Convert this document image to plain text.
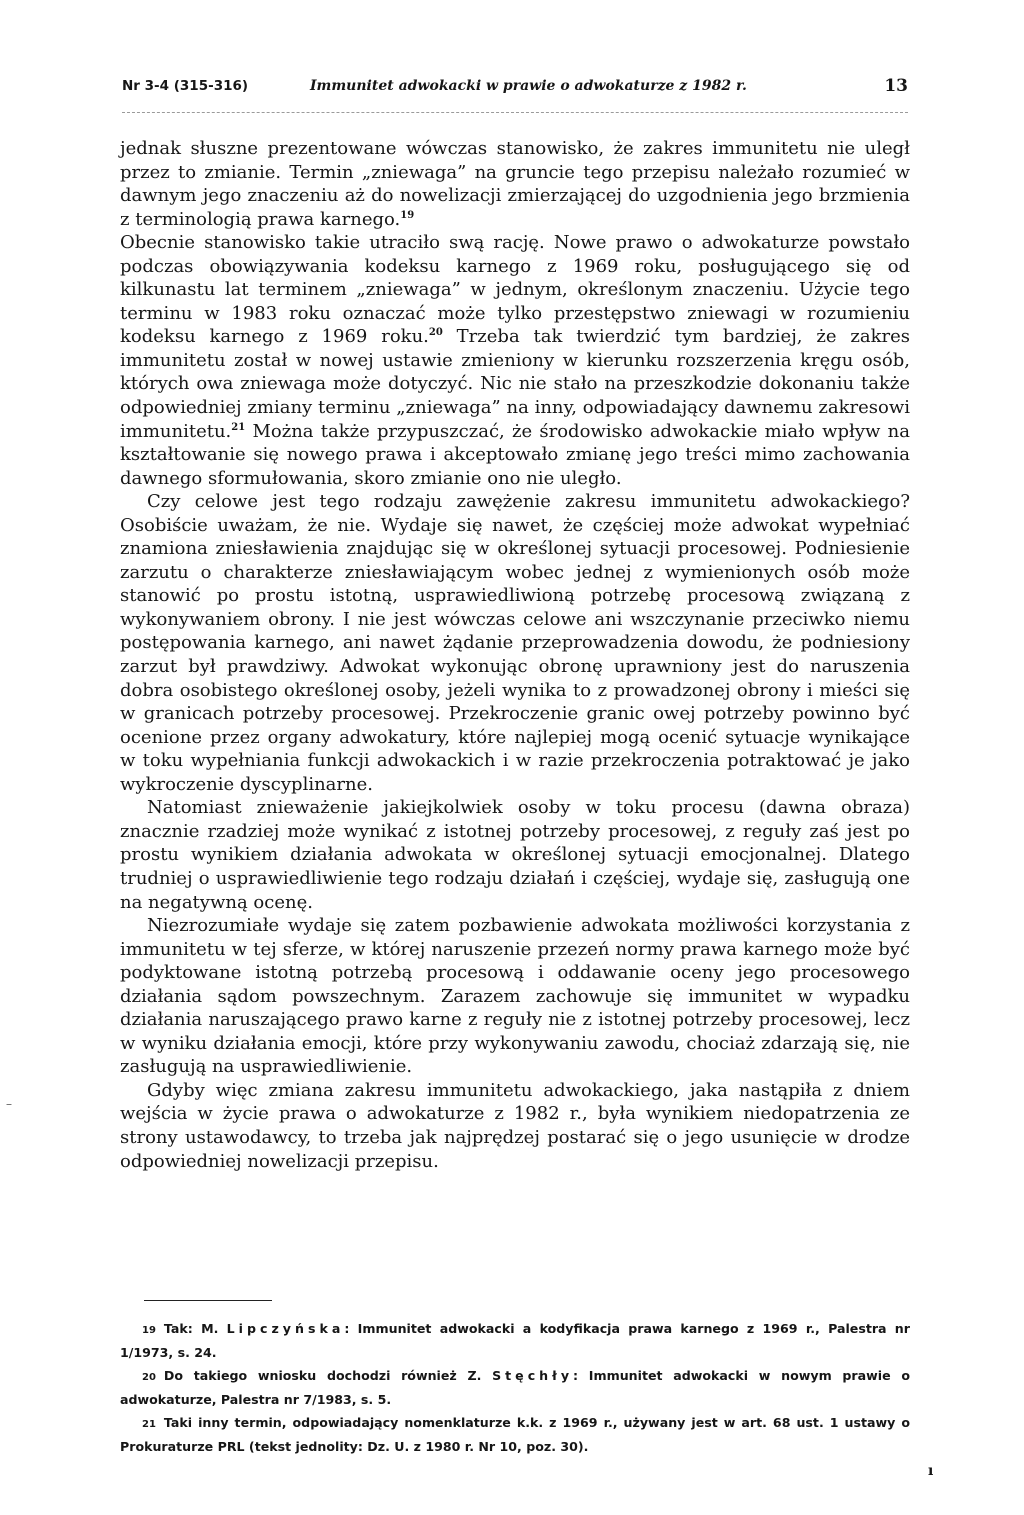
Nr 3-4 (315-316)	Immunitet adwokacki w prawie o adwokaturze z 1982 r.	13

jednak słuszne prezentowane wówczas stanowisko, że zakres immunitetu nie uległ przez to zmianie. Termin „zniewaga” na gruncie tego przepisu należało rozumieć w dawnym jego znaczeniu aż do nowelizacji zmierzającej do uzgodnienia jego brzmienia z terminologią prawa karnego.$^{19}$

Obecnie stanowisko takie utraciło swą rację. Nowe prawo o adwokaturze powstało podczas obowiązywania kodeksu karnego z 1969 roku, posługującego się od kilkunastu lat terminem „zniewaga” w jednym, określonym znaczeniu. Użycie tego terminu w 1983 roku oznaczać może tylko przestępstwo zniewagi w rozumieniu kodeksu karnego z 1969 roku.$^{20}$ Trzeba tak twierdzić tym bardziej, że zakres immunitetu został w nowej ustawie zmieniony w kierunku rozszerzenia kręgu osób, których owa zniewaga może dotyczyć. Nic nie stało na przeszkodzie dokonaniu także odpowiedniej zmiany terminu „zniewaga” na inny, odpowiadający dawnemu zakresowi immunitetu.$^{21}$ Można także przypuszczać, że środowisko adwokackie miało wpływ na kształtowanie się nowego prawa i akceptowało zmianę jego treści mimo zachowania dawnego sformułowania, skoro zmianie ono nie uległo.

Czy celowe jest tego rodzaju zawężenie zakresu immunitetu adwokackiego? Osobiście uważam, że nie. Wydaje się nawet, że częściej może adwokat wypełniać znamiona zniesławienia znajdując się w określonej sytuacji procesowej. Podniesienie zarzutu o charakterze zniesławiającym wobec jednej z wymienionych osób może stanowić po prostu istotną, usprawiedliwioną potrzebę procesową związaną z wykonywaniem obrony. I nie jest wówczas celowe ani wszczynanie przeciwko niemu postępowania karnego, ani nawet żądanie przeprowadzenia dowodu, że podniesiony zarzut był prawdziwy. Adwokat wykonując obronę uprawniony jest do naruszenia dobra osobistego określonej osoby, jeżeli wynika to z prowadzonej obrony i mieści się w granicach potrzeby procesowej. Przekroczenie granic owej potrzeby powinno być ocenione przez organy adwokatury, które najlepiej mogą ocenić sytuacje wynikające w toku wypełniania funkcji adwokackich i w razie przekroczenia potraktować je jako wykroczenie dyscyplinarne.

Natomiast znieważenie jakiejkolwiek osoby w toku procesu (dawna obraza) znacznie rzadziej może wynikać z istotnej potrzeby procesowej, z reguły zaś jest po prostu wynikiem działania adwokata w określonej sytuacji emocjonalnej. Dlatego trudniej o usprawiedliwienie tego rodzaju działań i częściej, wydaje się, zasługują one na negatywną ocenę.

Niezrozumiałe wydaje się zatem pozbawienie adwokata możliwości korzystania z immunitetu w tej sferze, w której naruszenie przezeń normy prawa karnego może być podyktowane istotną potrzebą procesową i oddawanie oceny jego procesowego działania sądom powszechnym. Zarazem zachowuje się immunitet w wypadku działania naruszającego prawo karne z reguły nie z istotnej potrzeby procesowej, lecz w wyniku działania emocji, które przy wykonywaniu zawodu, chociaż zdarzają się, nie zasługują na usprawiedliwienie.

Gdyby więc zmiana zakresu immunitetu adwokackiego, jaka nastąpiła z dniem wejścia w życie prawa o adwokaturze z 1982 r., była wynikiem niedopatrzenia ze strony ustawodawcy, to trzeba jak najprędzej postarać się o jego usunięcie w drodze odpowiedniej nowelizacji przepisu.

19 Tak: M. Lipczyńska: Immunitet adwokacki a kodyfikacja prawa karnego z 1969 r., Palestra nr 1/1973, s. 24.

20 Do takiego wniosku dochodzi również Z. Stęchły: Immunitet adwokacki w nowym prawie o adwokaturze, Palestra nr 7/1983, s. 5.

21 Taki inny termin, odpowiadający nomenklaturze k.k. z 1969 r., używany jest w art. 68 ust. 1 ustawy o Prokuraturze PRL (tekst jednolity: Dz. U. z 1980 r. Nr 10, poz. 30).

–
ı
